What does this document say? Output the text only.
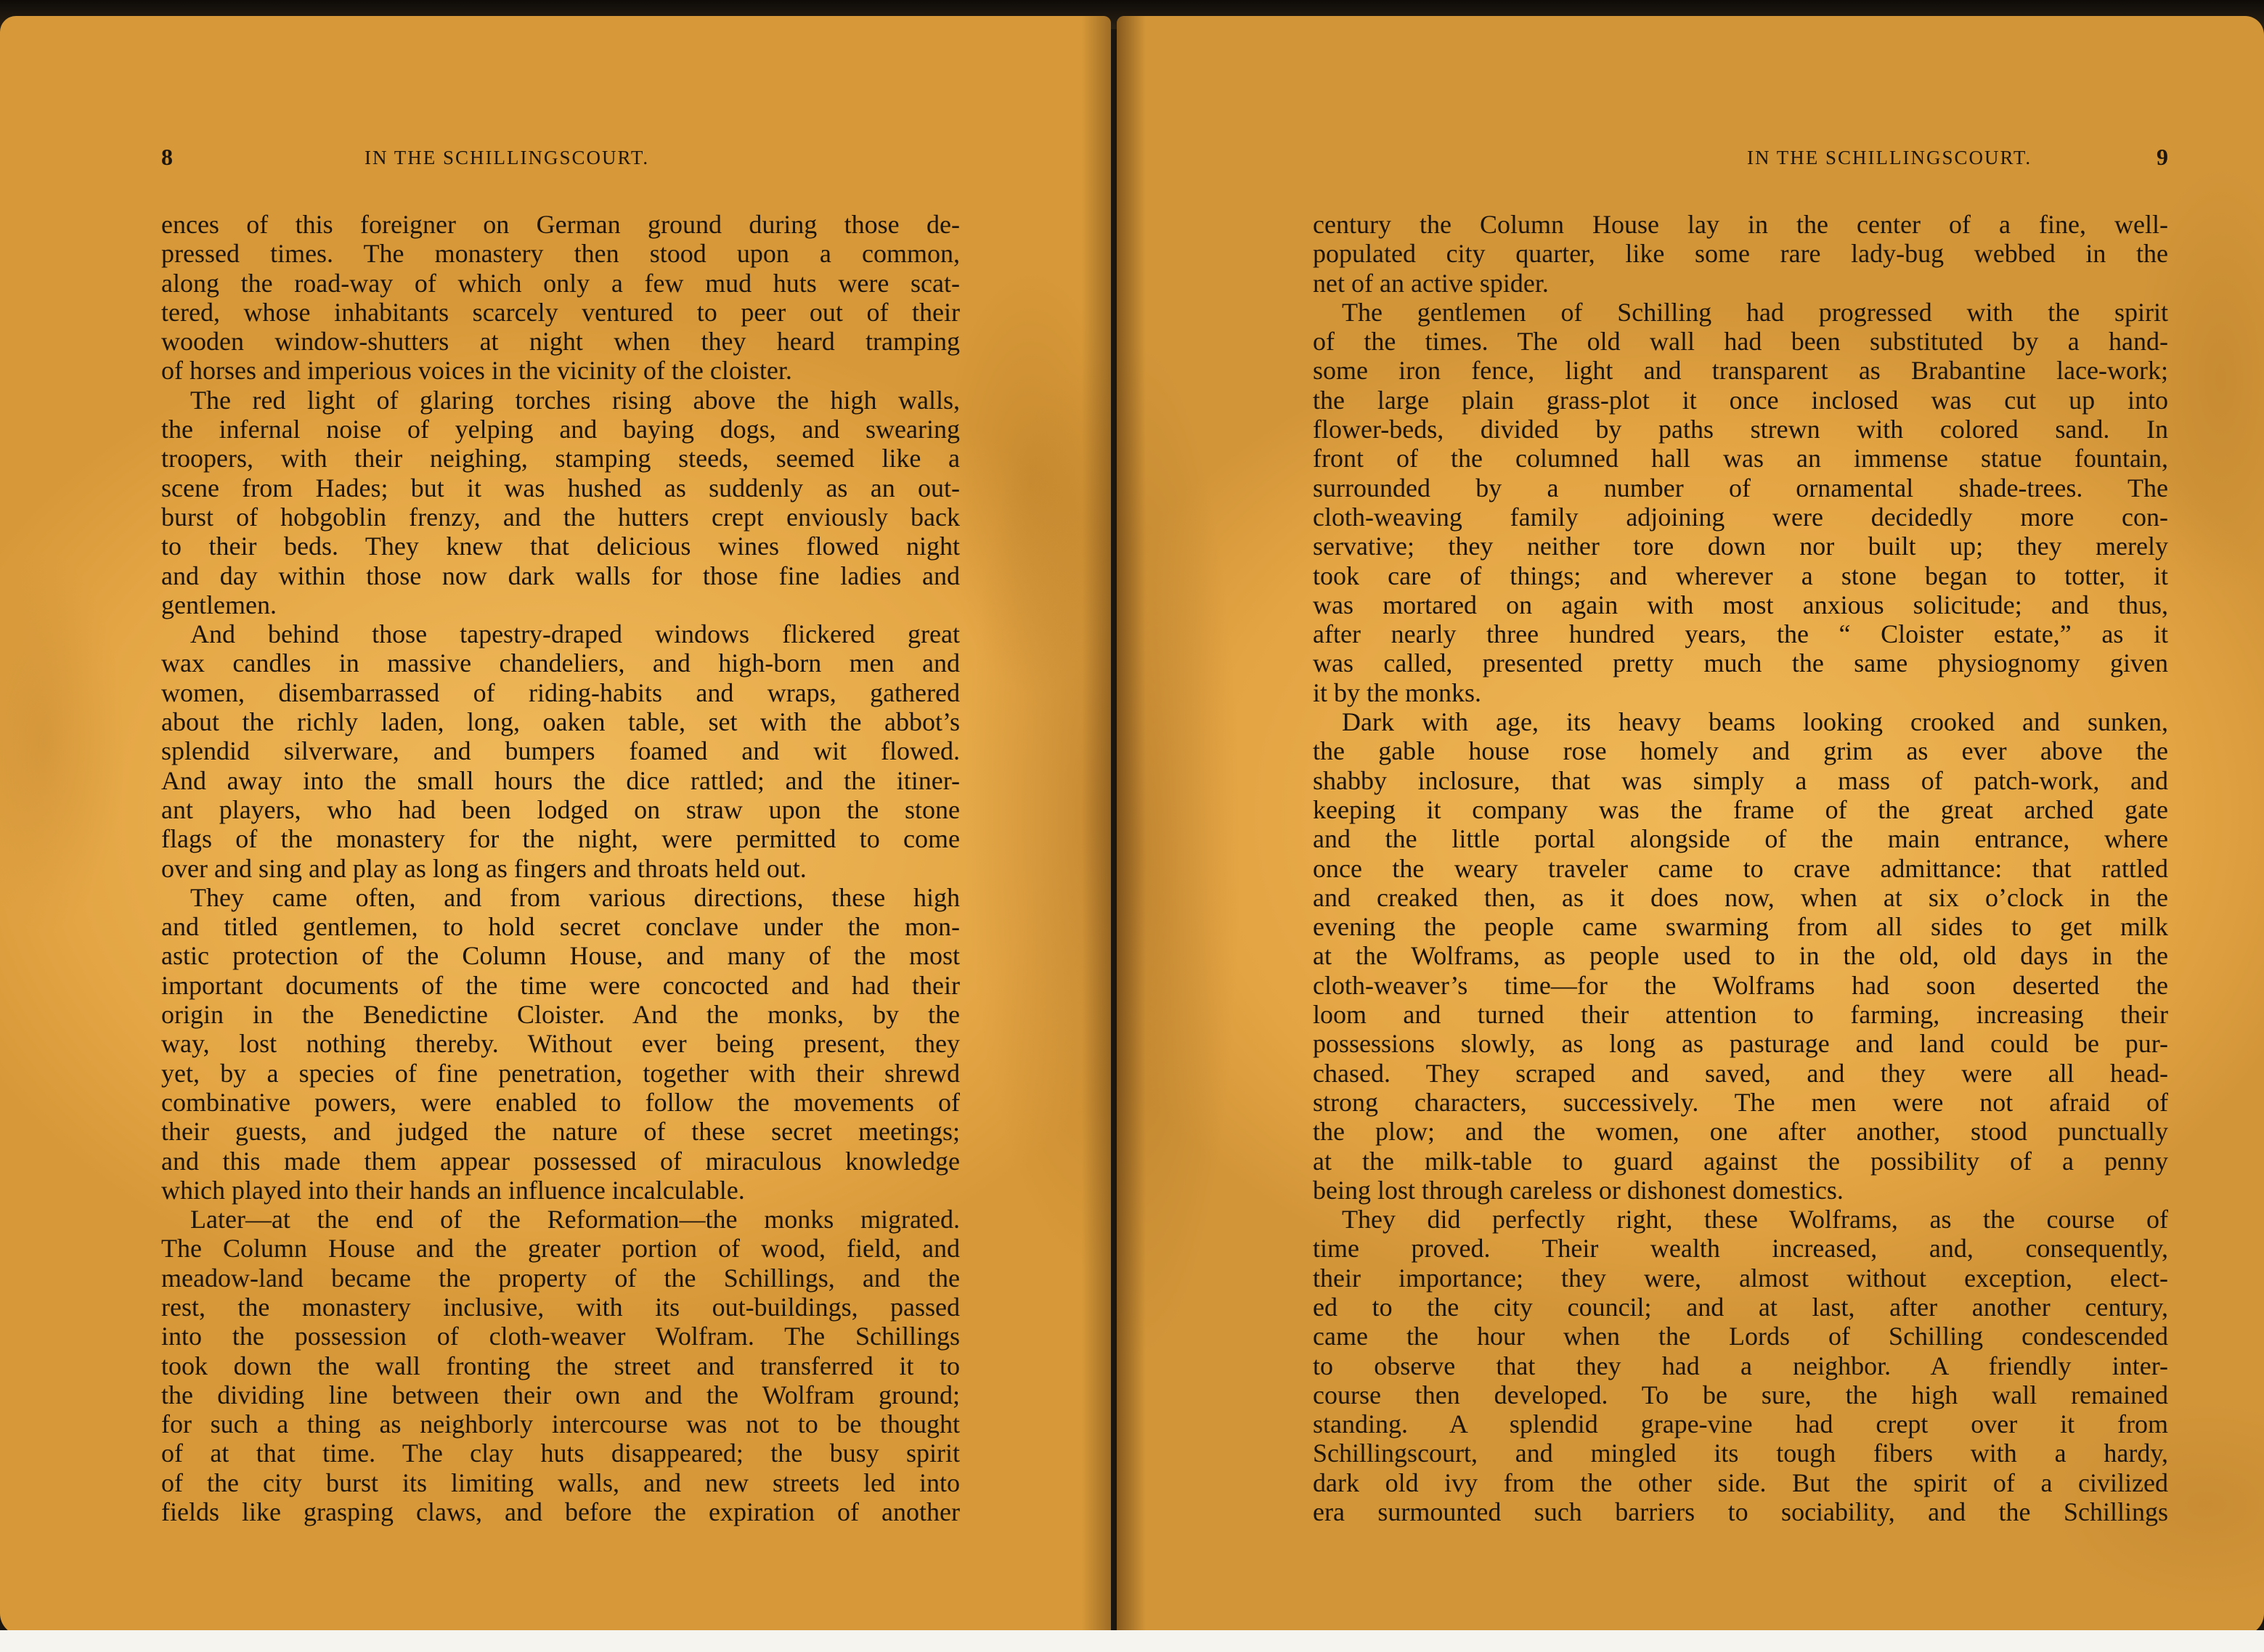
8	IN THE SCHILLINGSCOURT.
ences of this foreigner on German ground during those de-
pressed times. The monastery then stood upon a common,
along the road-way of which only a few mud huts were scat-
tered, whose inhabitants scarcely ventured to peer out of their
wooden window-shutters at night when they heard tramping
of horses and imperious voices in the vicinity of the cloister.
The red light of glaring torches rising above the high walls,
the infernal noise of yelping and baying dogs, and swearing
troopers, with their neighing, stamping steeds, seemed like a
scene from Hades; but it was hushed as suddenly as an out-
burst of hobgoblin frenzy, and the hutters crept enviously back
to their beds. They knew that delicious wines flowed night
and day within those now dark walls for those fine ladies and
gentlemen.
And behind those tapestry-draped windows flickered great
wax candles in massive chandeliers, and high-born men and
women, disembarrassed of riding-habits and wraps, gathered
about the richly laden, long, oaken table, set with the abbot’s
splendid silverware, and bumpers foamed and wit flowed.
And away into the small hours the dice rattled; and the itiner-
ant players, who had been lodged on straw upon the stone
flags of the monastery for the night, were permitted to come
over and sing and play as long as fingers and throats held out.
They came often, and from various directions, these high
and titled gentlemen, to hold secret conclave under the mon-
astic protection of the Column House, and many of the most
important documents of the time were concocted and had their
origin in the Benedictine Cloister. And the monks, by the
way, lost nothing thereby. Without ever being present, they
yet, by a species of fine penetration, together with their shrewd
combinative powers, were enabled to follow the movements of
their guests, and judged the nature of these secret meetings;
and this made them appear possessed of miraculous knowledge
which played into their hands an influence incalculable.
Later—at the end of the Reformation—the monks migrated.
The Column House and the greater portion of wood, field, and
meadow-land became the property of the Schillings, and the
rest, the monastery inclusive, with its out-buildings, passed
into the possession of cloth-weaver Wolfram. The Schillings
took down the wall fronting the street and transferred it to
the dividing line between their own and the Wolfram ground;
for such a thing as neighborly intercourse was not to be thought
of at that time. The clay huts disappeared; the busy spirit
of the city burst its limiting walls, and new streets led into
fields like grasping claws, and before the expiration of another
IN THE SCHILLINGSCOURT.	9
century the Column House lay in the center of a fine, well-
populated city quarter, like some rare lady-bug webbed in the
net of an active spider.
The gentlemen of Schilling had progressed with the spirit
of the times. The old wall had been substituted by a hand-
some iron fence, light and transparent as Brabantine lace-work;
the large plain grass-plot it once inclosed was cut up into
flower-beds, divided by paths strewn with colored sand. In
front of the columned hall was an immense statue fountain,
surrounded by a number of ornamental shade-trees. The
cloth-weaving family adjoining were decidedly more con-
servative; they neither tore down nor built up; they merely
took care of things; and wherever a stone began to totter, it
was mortared on again with most anxious solicitude; and thus,
after nearly three hundred years, the “ Cloister estate,” as it
was called, presented pretty much the same physiognomy given
it by the monks.
Dark with age, its heavy beams looking crooked and sunken,
the gable house rose homely and grim as ever above the
shabby inclosure, that was simply a mass of patch-work, and
keeping it company was the frame of the great arched gate
and the little portal alongside of the main entrance, where
once the weary traveler came to crave admittance: that rattled
and creaked then, as it does now, when at six o’clock in the
evening the people came swarming from all sides to get milk
at the Wolframs, as people used to in the old, old days in the
cloth-weaver’s time—for the Wolframs had soon deserted the
loom and turned their attention to farming, increasing their
possessions slowly, as long as pasturage and land could be pur-
chased. They scraped and saved, and they were all head-
strong characters, successively. The men were not afraid of
the plow; and the women, one after another, stood punctually
at the milk-table to guard against the possibility of a penny
being lost through careless or dishonest domestics.
They did perfectly right, these Wolframs, as the course of
time proved. Their wealth increased, and, consequently,
their importance; they were, almost without exception, elect-
ed to the city council; and at last, after another century,
came the hour when the Lords of Schilling condescended
to observe that they had a neighbor. A friendly inter-
course then developed. To be sure, the high wall remained
standing. A splendid grape-vine had crept over it from
Schillingscourt, and mingled its tough fibers with a hardy,
dark old ivy from the other side. But the spirit of a civilized
era surmounted such barriers to sociability, and the Schillings
